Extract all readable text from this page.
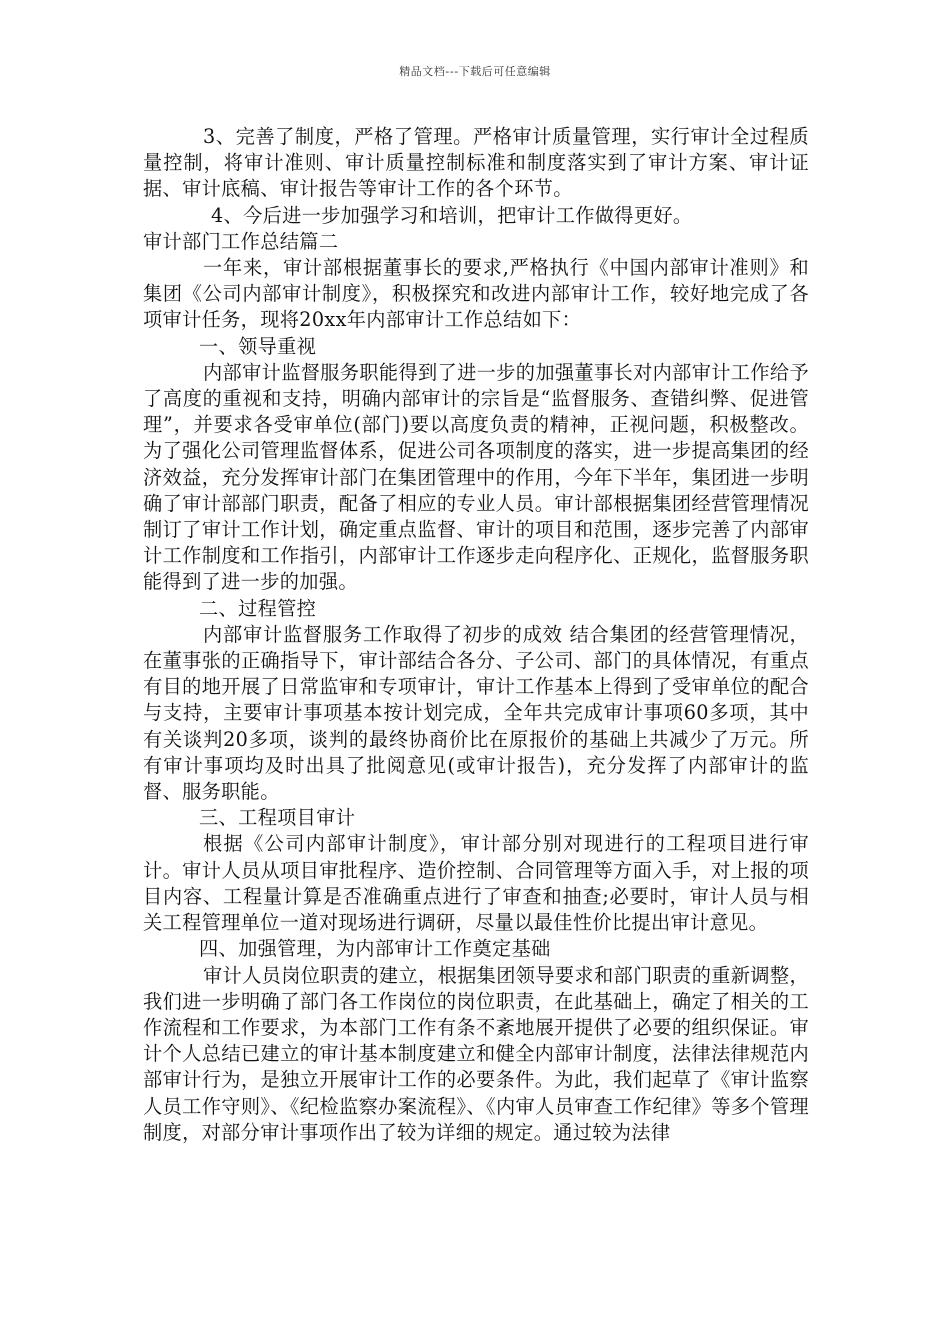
精品文档---下载后可任意编辑

3、完善了制度，严格了管理。严格审计质量管理，实行审计全过程质量控制，将审计准则、审计质量控制标准和制度落实到了审计方案、审计证据、审计底稿、审计报告等审计工作的各个环节。

4、今后进一步加强学习和培训，把审计工作做得更好。

审计部门工作总结篇二

一年来，审计部根据董事长的要求,严格执行《中国内部审计准则》和集团《公司内部审计制度》，积极探究和改进内部审计工作，较好地完成了各项审计任务，现将20xx年内部审计工作总结如下：

一、领导重视

内部审计监督服务职能得到了进一步的加强董事长对内部审计工作给予了高度的重视和支持，明确内部审计的宗旨是“监督服务、查错纠弊、促进管理”，并要求各受审单位(部门)要以高度负责的精神，正视问题，积极整改。为了强化公司管理监督体系，促进公司各项制度的落实，进一步提高集团的经济效益，充分发挥审计部门在集团管理中的作用，今年下半年，集团进一步明确了审计部部门职责，配备了相应的专业人员。审计部根据集团经营管理情况制订了审计工作计划，确定重点监督、审计的项目和范围，逐步完善了内部审计工作制度和工作指引，内部审计工作逐步走向程序化、正规化，监督服务职能得到了进一步的加强。

二、过程管控

内部审计监督服务工作取得了初步的成效 结合集团的经营管理情况，在董事张的正确指导下，审计部结合各分、子公司、部门的具体情况，有重点有目的地开展了日常监审和专项审计，审计工作基本上得到了受审单位的配合与支持，主要审计事项基本按计划完成，全年共完成审计事项60多项，其中有关谈判20多项，谈判的最终协商价比在原报价的基础上共减少了万元。所有审计事项均及时出具了批阅意见(或审计报告)，充分发挥了内部审计的监督、服务职能。

三、工程项目审计

根据《公司内部审计制度》，审计部分别对现进行的工程项目进行审计。审计人员从项目审批程序、造价控制、合同管理等方面入手，对上报的项目内容、工程量计算是否准确重点进行了审查和抽查;必要时，审计人员与相关工程管理单位一道对现场进行调研，尽量以最佳性价比提出审计意见。

四、加强管理，为内部审计工作奠定基础

审计人员岗位职责的建立，根据集团领导要求和部门职责的重新调整，我们进一步明确了部门各工作岗位的岗位职责，在此基础上，确定了相关的工作流程和工作要求，为本部门工作有条不紊地展开提供了必要的组织保证。审计个人总结已建立的审计基本制度建立和健全内部审计制度，法律法律规范内部审计行为，是独立开展审计工作的必要条件。为此，我们起草了《审计监察人员工作守则》、《纪检监察办案流程》、《内审人员审查工作纪律》等多个管理制度，对部分审计事项作出了较为详细的规定。通过较为法律
